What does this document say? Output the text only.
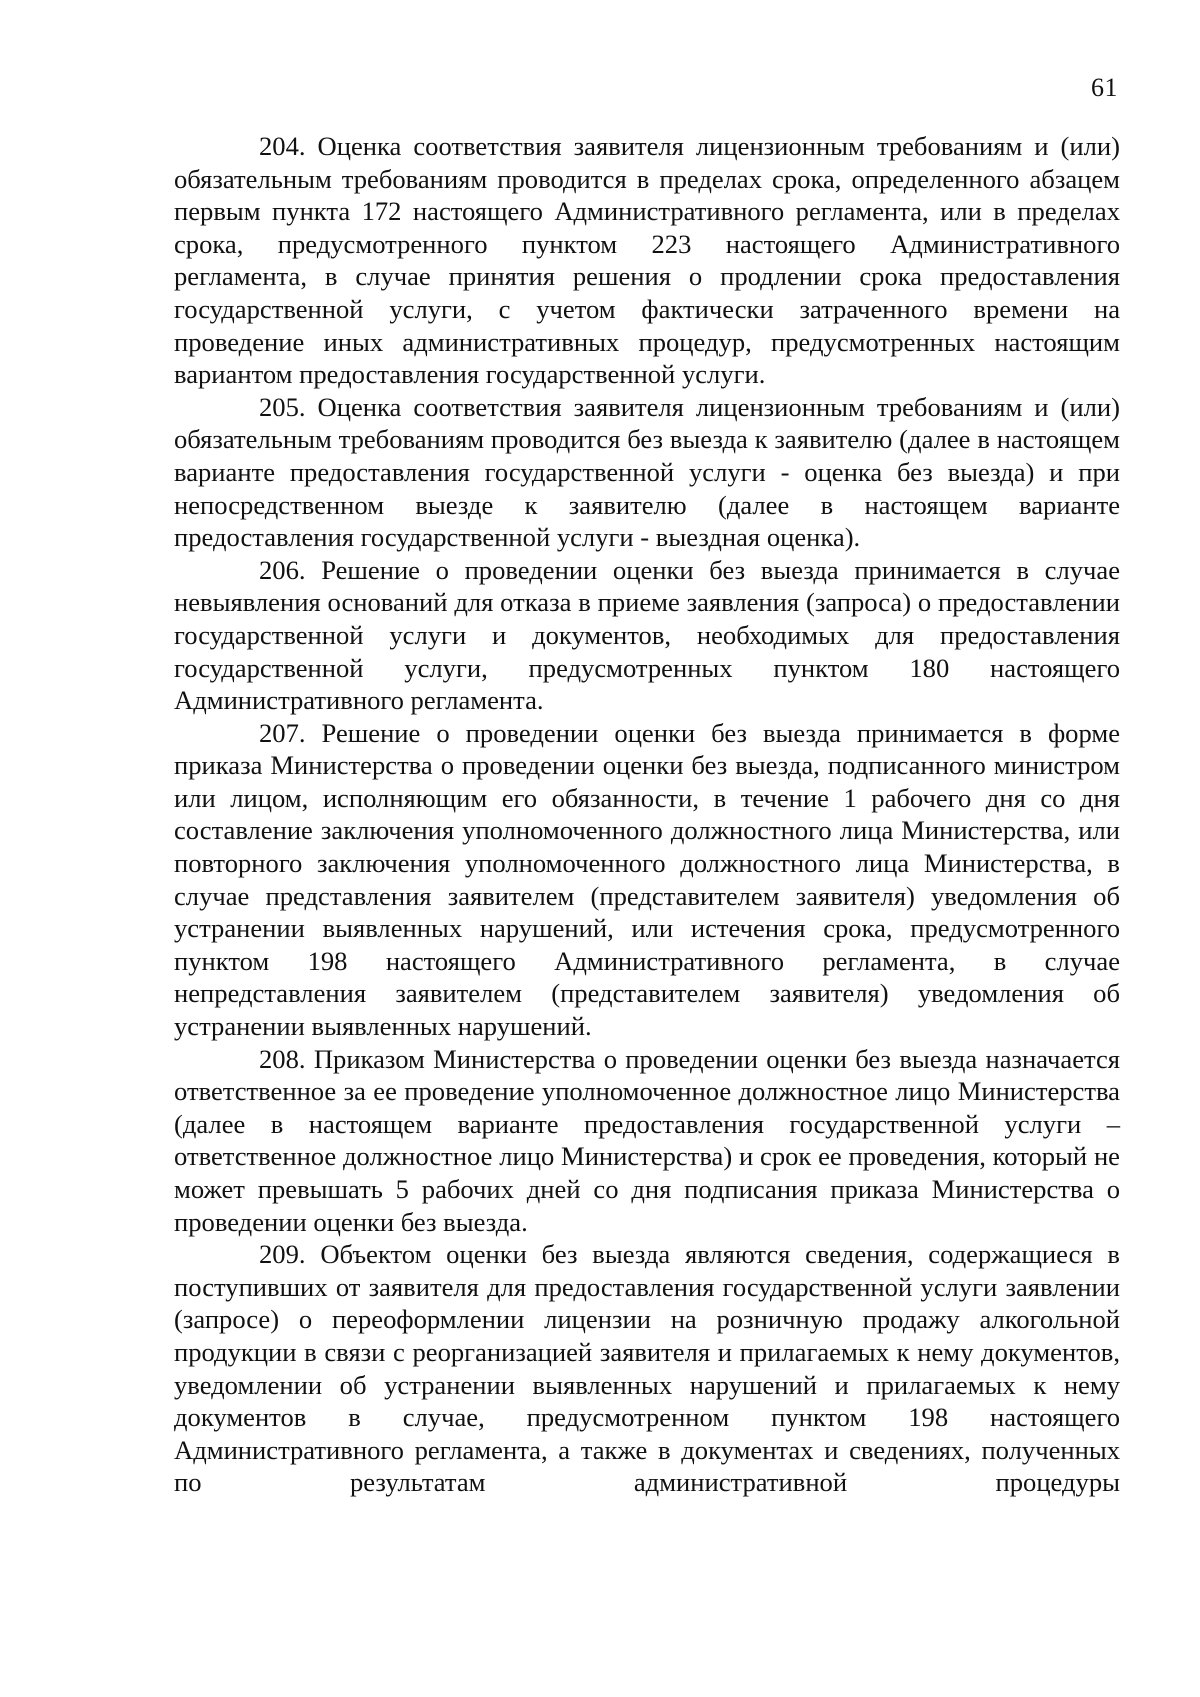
61

204. Оценка соответствия заявителя лицензионным требованиям и (или) обязательным требованиям проводится в пределах срока, определенного абзацем первым пункта 172 настоящего Административного регламента, или в пределах срока, предусмотренного пунктом 223 настоящего Административного регламента, в случае принятия решения о продлении срока предоставления государственной услуги, с учетом фактически затраченного времени на проведение иных административных процедур, предусмотренных настоящим вариантом предоставления государственной услуги.

205. Оценка соответствия заявителя лицензионным требованиям и (или) обязательным требованиям проводится без выезда к заявителю (далее в настоящем варианте предоставления государственной услуги - оценка без выезда) и при непосредственном выезде к заявителю (далее в настоящем варианте предоставления государственной услуги - выездная оценка).

206. Решение о проведении оценки без выезда принимается в случае невыявления оснований для отказа в приеме заявления (запроса) о предоставлении государственной услуги и документов, необходимых для предоставления государственной услуги, предусмотренных пунктом 180 настоящего Административного регламента.

207. Решение о проведении оценки без выезда принимается в форме приказа Министерства о проведении оценки без выезда, подписанного министром или лицом, исполняющим его обязанности, в течение 1 рабочего дня со дня составление заключения уполномоченного должностного лица Министерства, или повторного заключения уполномоченного должностного лица Министерства, в случае представления заявителем (представителем заявителя) уведомления об устранении выявленных нарушений, или истечения срока, предусмотренного пунктом 198 настоящего Административного регламента, в случае непредставления заявителем (представителем заявителя) уведомления об устранении выявленных нарушений.

208. Приказом Министерства о проведении оценки без выезда назначается ответственное за ее проведение уполномоченное должностное лицо Министерства (далее в настоящем варианте предоставления государственной услуги – ответственное должностное лицо Министерства) и срок ее проведения, который не может превышать 5 рабочих дней со дня подписания приказа Министерства о проведении оценки без выезда.

209. Объектом оценки без выезда являются сведения, содержащиеся в поступивших от заявителя для предоставления государственной услуги заявлении (запросе) о переоформлении лицензии на розничную продажу алкогольной продукции в связи с реорганизацией заявителя и прилагаемых к нему документов, уведомлении об устранении выявленных нарушений и прилагаемых к нему документов в случае, предусмотренном пунктом 198 настоящего Административного регламента, а также в документах и сведениях, полученных по результатам административной процедуры
